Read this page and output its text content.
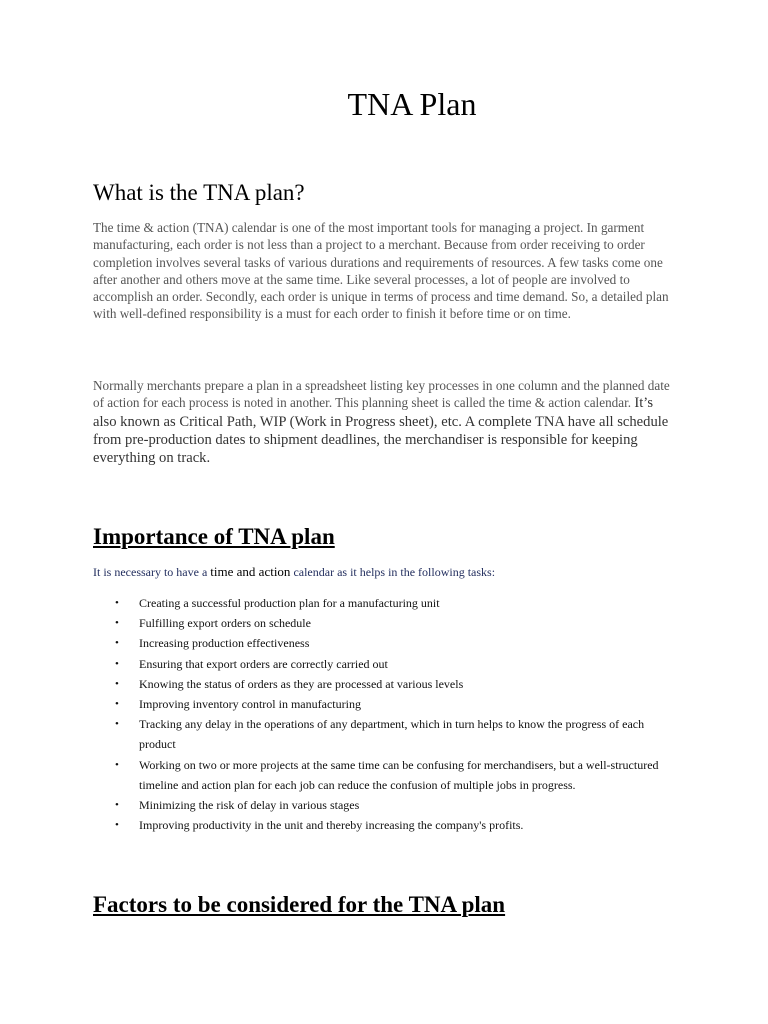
TNA Plan
What is the TNA plan?

The time & action (TNA) calendar is one of the most important tools for managing a project. In garment manufacturing, each order is not less than a project to a merchant. Because from order receiving to order completion involves several tasks of various durations and requirements of resources. A few tasks come one after another and others move at the same time. Like several processes, a lot of people are involved to accomplish an order. Secondly, each order is unique in terms of process and time demand. So, a detailed plan with well-defined responsibility is a must for each order to finish it before time or on time.

Normally merchants prepare a plan in a spreadsheet listing key processes in one column and the planned date of action for each process is noted in another. This planning sheet is called the time & action calendar. It’s also known as Critical Path, WIP (Work in Progress sheet), etc. A complete TNA have all schedule from pre-production dates to shipment deadlines, the merchandiser is responsible for keeping everything on track.

Importance of TNA plan

It is necessary to have a time and action calendar as it helps in the following tasks:

• Creating a successful production plan for a manufacturing unit
• Fulfilling export orders on schedule
• Increasing production effectiveness
• Ensuring that export orders are correctly carried out
• Knowing the status of orders as they are processed at various levels
• Improving inventory control in manufacturing
• Tracking any delay in the operations of any department, which in turn helps to know the progress of each product
• Working on two or more projects at the same time can be confusing for merchandisers, but a well-structured timeline and action plan for each job can reduce the confusion of multiple jobs in progress.
• Minimizing the risk of delay in various stages
• Improving productivity in the unit and thereby increasing the company's profits.
Factors to be considered for the TNA plan
